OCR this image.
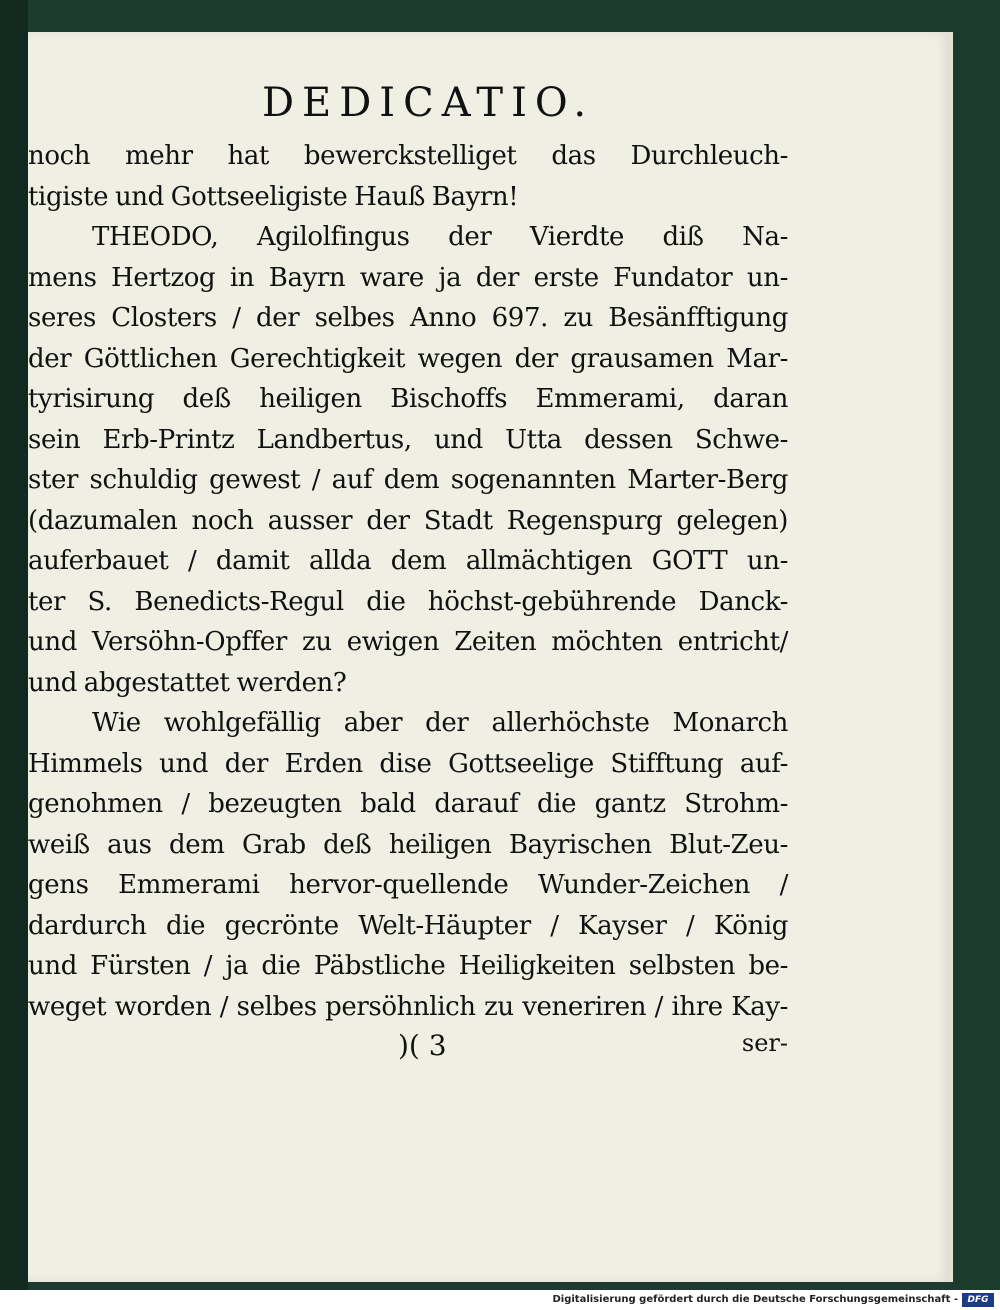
DEDICATIO.
noch mehr hat bewerckstelliget das Durchleuch-
tigiste und Gottseeligiste Hauß Bayrn!
THEODO, Agilolfingus der Vierdte diß Na-
mens Hertzog in Bayrn ware ja der erste Fundator un-
seres Closters / der selbes Anno 697. zu Besänfftigung
der Göttlichen Gerechtigkeit wegen der grausamen Mar-
tyrisirung deß heiligen Bischoffs Emmerami, daran
sein Erb-Printz Landbertus, und Utta dessen Schwe-
ster schuldig gewest / auf dem sogenannten Marter-Berg
(dazumalen noch ausser der Stadt Regenspurg gelegen)
auferbauet / damit allda dem allmächtigen GOTT un-
ter S. Benedicts-Regul die höchst-gebührende Danck-
und Versöhn-Opffer zu ewigen Zeiten möchten entricht/
und abgestattet werden?
Wie wohlgefällig aber der allerhöchste Monarch
Himmels und der Erden dise Gottseelige Stifftung auf-
genohmen / bezeugten bald darauf die gantz Strohm-
weiß aus dem Grab deß heiligen Bayrischen Blut-Zeu-
gens Emmerami hervor-quellende Wunder-Zeichen /
dardurch die gecrönte Welt-Häupter / Kayser / König
und Fürsten / ja die Päbstliche Heiligkeiten selbsten be-
weget worden / selbes persöhnlich zu veneriren / ihre Kay-
)( 3	ser-
Digitalisierung gefördert durch die Deutsche Forschungsgemeinschaft -	DFG
